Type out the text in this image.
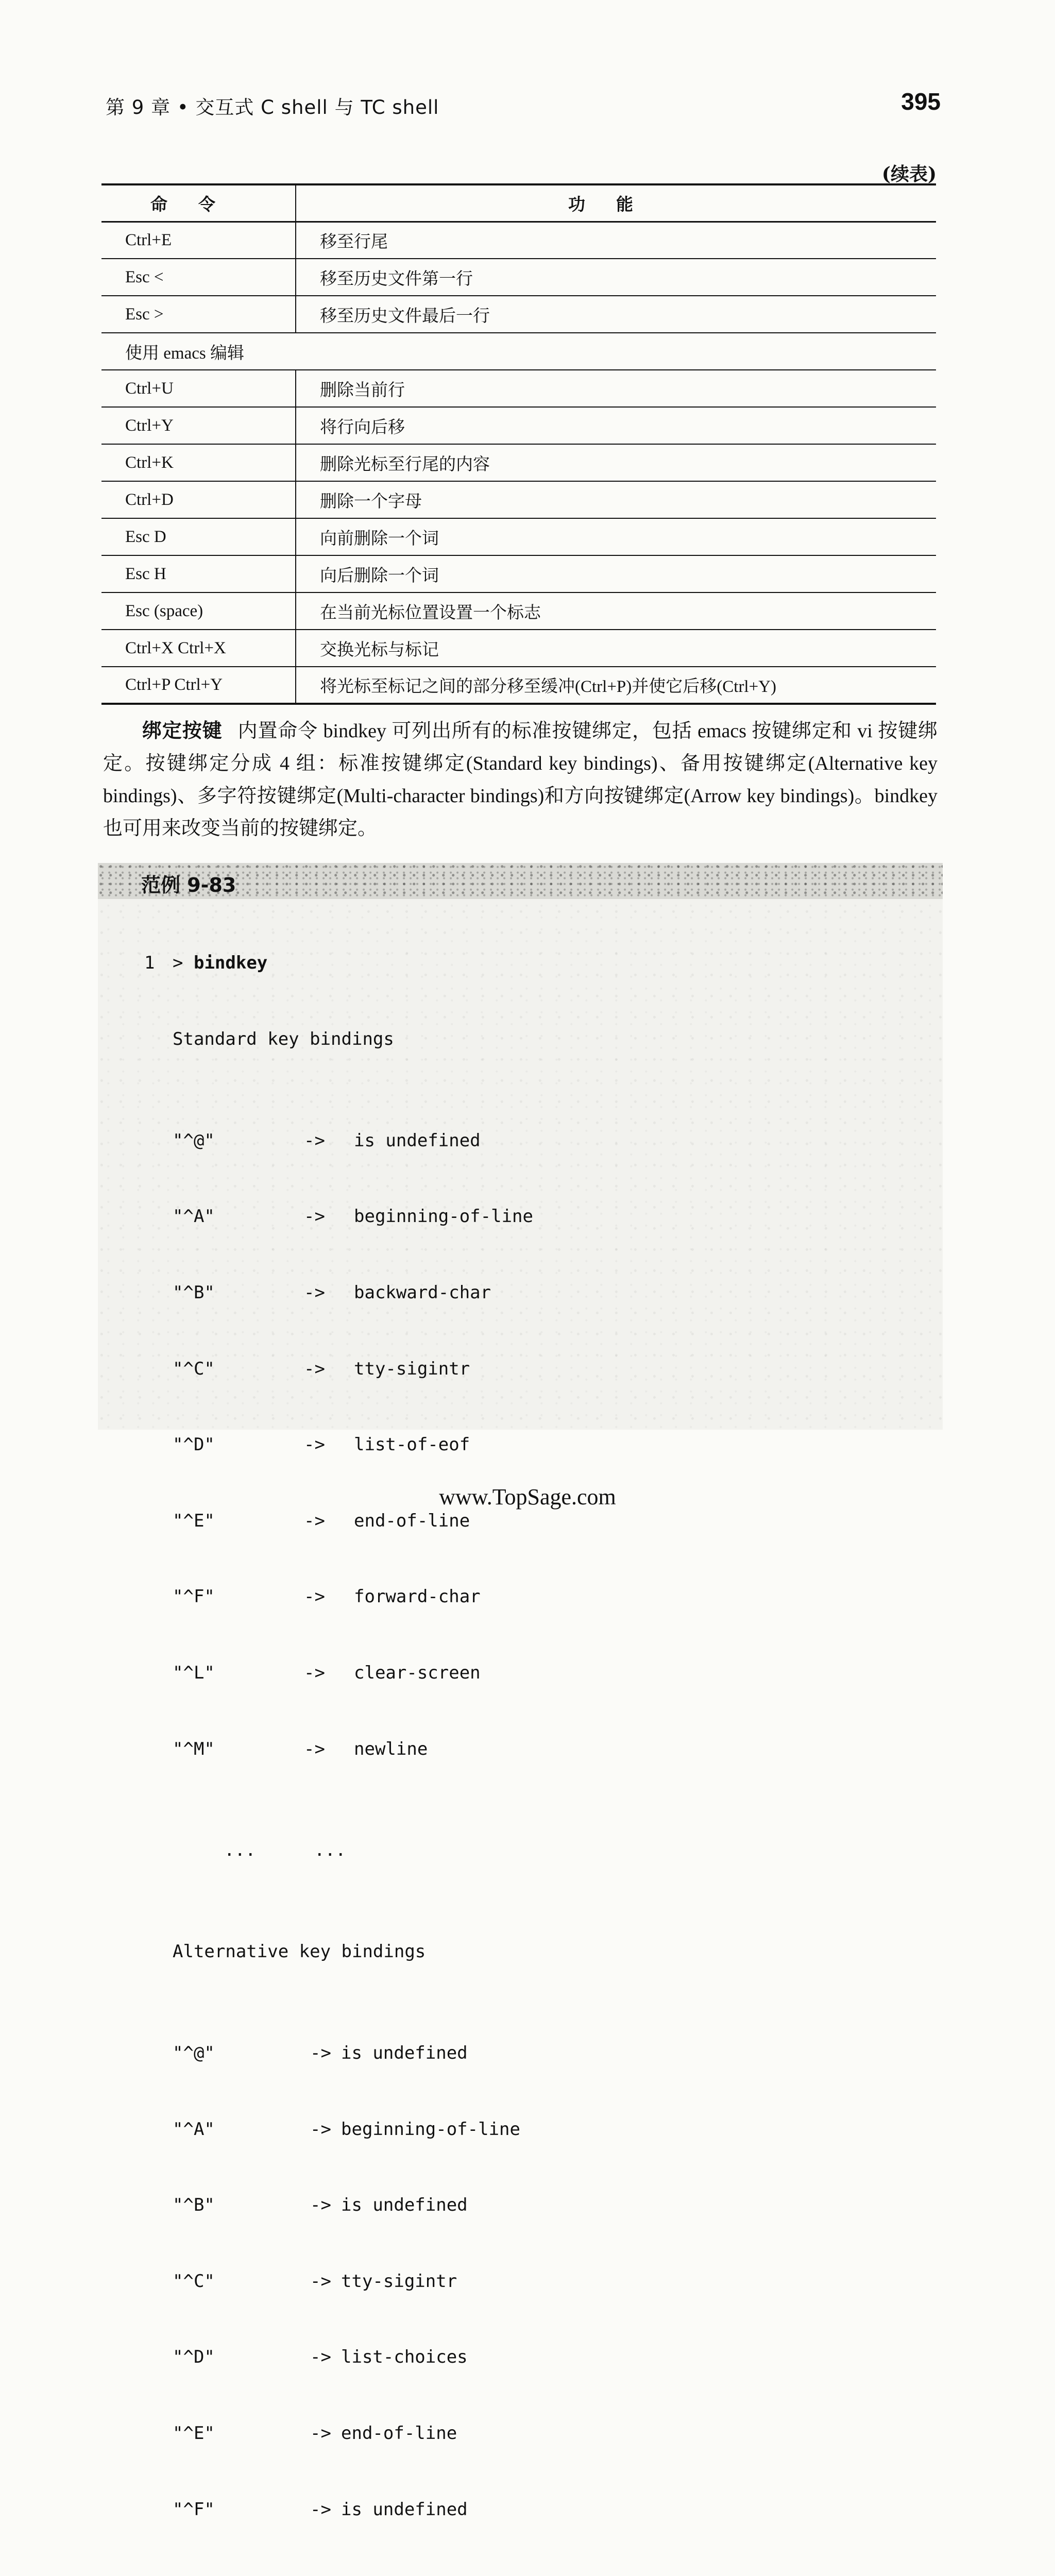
第 9 章 • 交互式 C shell 与 TC shell	395
(续表)
命令	功能
Ctrl+E	移至行尾
Esc <	移至历史文件第一行
Esc >	移至历史文件最后一行
使用 emacs 编辑	
Ctrl+U	删除当前行
Ctrl+Y	将行向后移
Ctrl+K	删除光标至行尾的内容
Ctrl+D	删除一个字母
Esc D	向前删除一个词
Esc H	向后删除一个词
Esc (space)	在当前光标位置设置一个标志
Ctrl+X Ctrl+X	交换光标与标记
Ctrl+P Ctrl+Y	将光标至标记之间的部分移至缓冲(Ctrl+P)并使它后移(Ctrl+Y)
绑定按键 内置命令 bindkey 可列出所有的标准按键绑定，包括 emacs 按键绑定和 vi 按键绑定。按键绑定分成 4 组：标准按键绑定(Standard key bindings)、备用按键绑定(Alternative key bindings)、多字符按键绑定(Multi-character bindings)和方向按键绑定(Arrow key bindings)。bindkey 也可用来改变当前的按键绑定。
范例 9-83

1 > bindkey

Standard key bindings

"^@"	-> is undefined

"^A"	-> beginning-of-line

"^B"	-> backward-char

"^C"	-> tty-sigintr

"^D"	-> list-of-eof

"^E"	-> end-of-line

"^F"	-> forward-char

"^L"	-> clear-screen

"^M"	-> newline

...	...

Alternative key bindings

"^@"	-> is undefined

"^A"	-> beginning-of-line

"^B"	-> is undefined

"^C"	-> tty-sigintr

"^D"	-> list-choices

"^E"	-> end-of-line

"^F"	-> is undefined

www.TopSage.com
